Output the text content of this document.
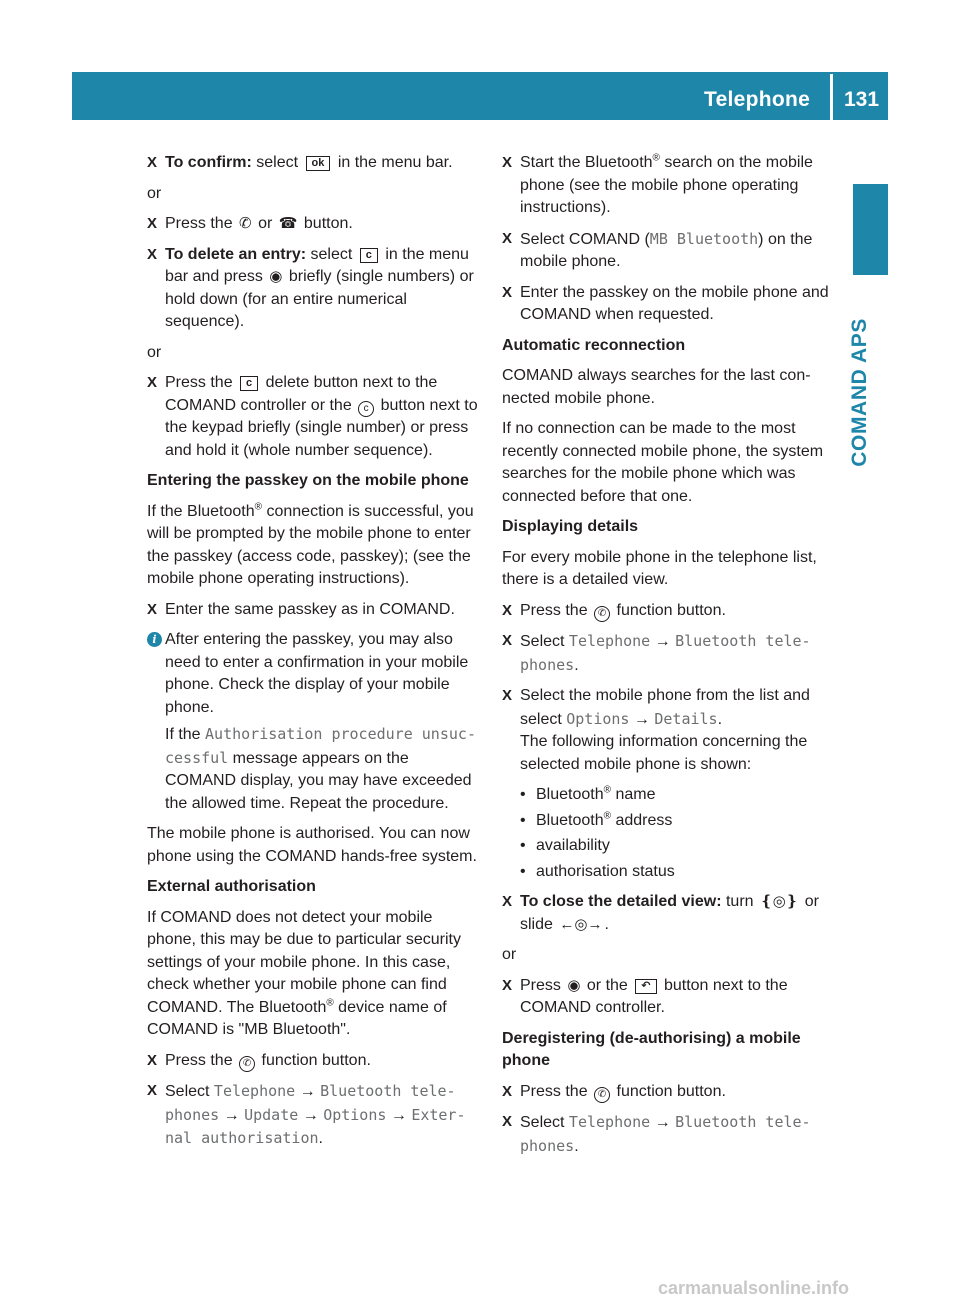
Telephone 131
COMAND APS
X To confirm: select ok in the menu bar.
or
X Press the ✆ or ☎ button.
X To delete an entry: select c in the menu bar and press ◉ briefly (single numbers) or hold down (for an entire numerical sequence).
or
X Press the c delete button next to the COMAND controller or the c button next to the keypad briefly (single number) or press and hold it (whole number sequence).
Entering the passkey on the mobile phone
If the Bluetooth® connection is successful, you will be prompted by the mobile phone to enter the passkey (access code, passkey); (see the mobile phone operating instructions).
X Enter the same passkey as in COMAND.
i After entering the passkey, you may also need to enter a confirmation in your mobile phone. Check the display of your mobile phone.
If the Authorisation procedure unsuccessful message appears on the COMAND display, you may have exceeded the allowed time. Repeat the procedure.
The mobile phone is authorised. You can now phone using the COMAND hands-free system.
External authorisation
If COMAND does not detect your mobile phone, this may be due to particular security settings of your mobile phone. In this case, check whether your mobile phone can find COMAND. The Bluetooth® device name of COMAND is "MB Bluetooth".
X Press the ✆ function button.
X Select Telephone → Bluetooth telephones → Update → Options → External authorisation.
X Start the Bluetooth® search on the mobile phone (see the mobile phone operating instructions).
X Select COMAND (MB Bluetooth) on the mobile phone.
X Enter the passkey on the mobile phone and COMAND when requested.
Automatic reconnection
COMAND always searches for the last connected mobile phone.
If no connection can be made to the most recently connected mobile phone, the system searches for the mobile phone which was connected before that one.
Displaying details
For every mobile phone in the telephone list, there is a detailed view.
X Press the ✆ function button.
X Select Telephone → Bluetooth telephones.
X Select the mobile phone from the list and select Options → Details.
The following information concerning the selected mobile phone is shown:
• Bluetooth® name
• Bluetooth® address
• availability
• authorisation status
X To close the detailed view: turn ❴◎❵ or slide ←◎→ .
or
X Press ◉ or the ↶ button next to the COMAND controller.
Deregistering (de-authorising) a mobile phone
X Press the ✆ function button.
X Select Telephone → Bluetooth telephones.
carmanualsonline.info
